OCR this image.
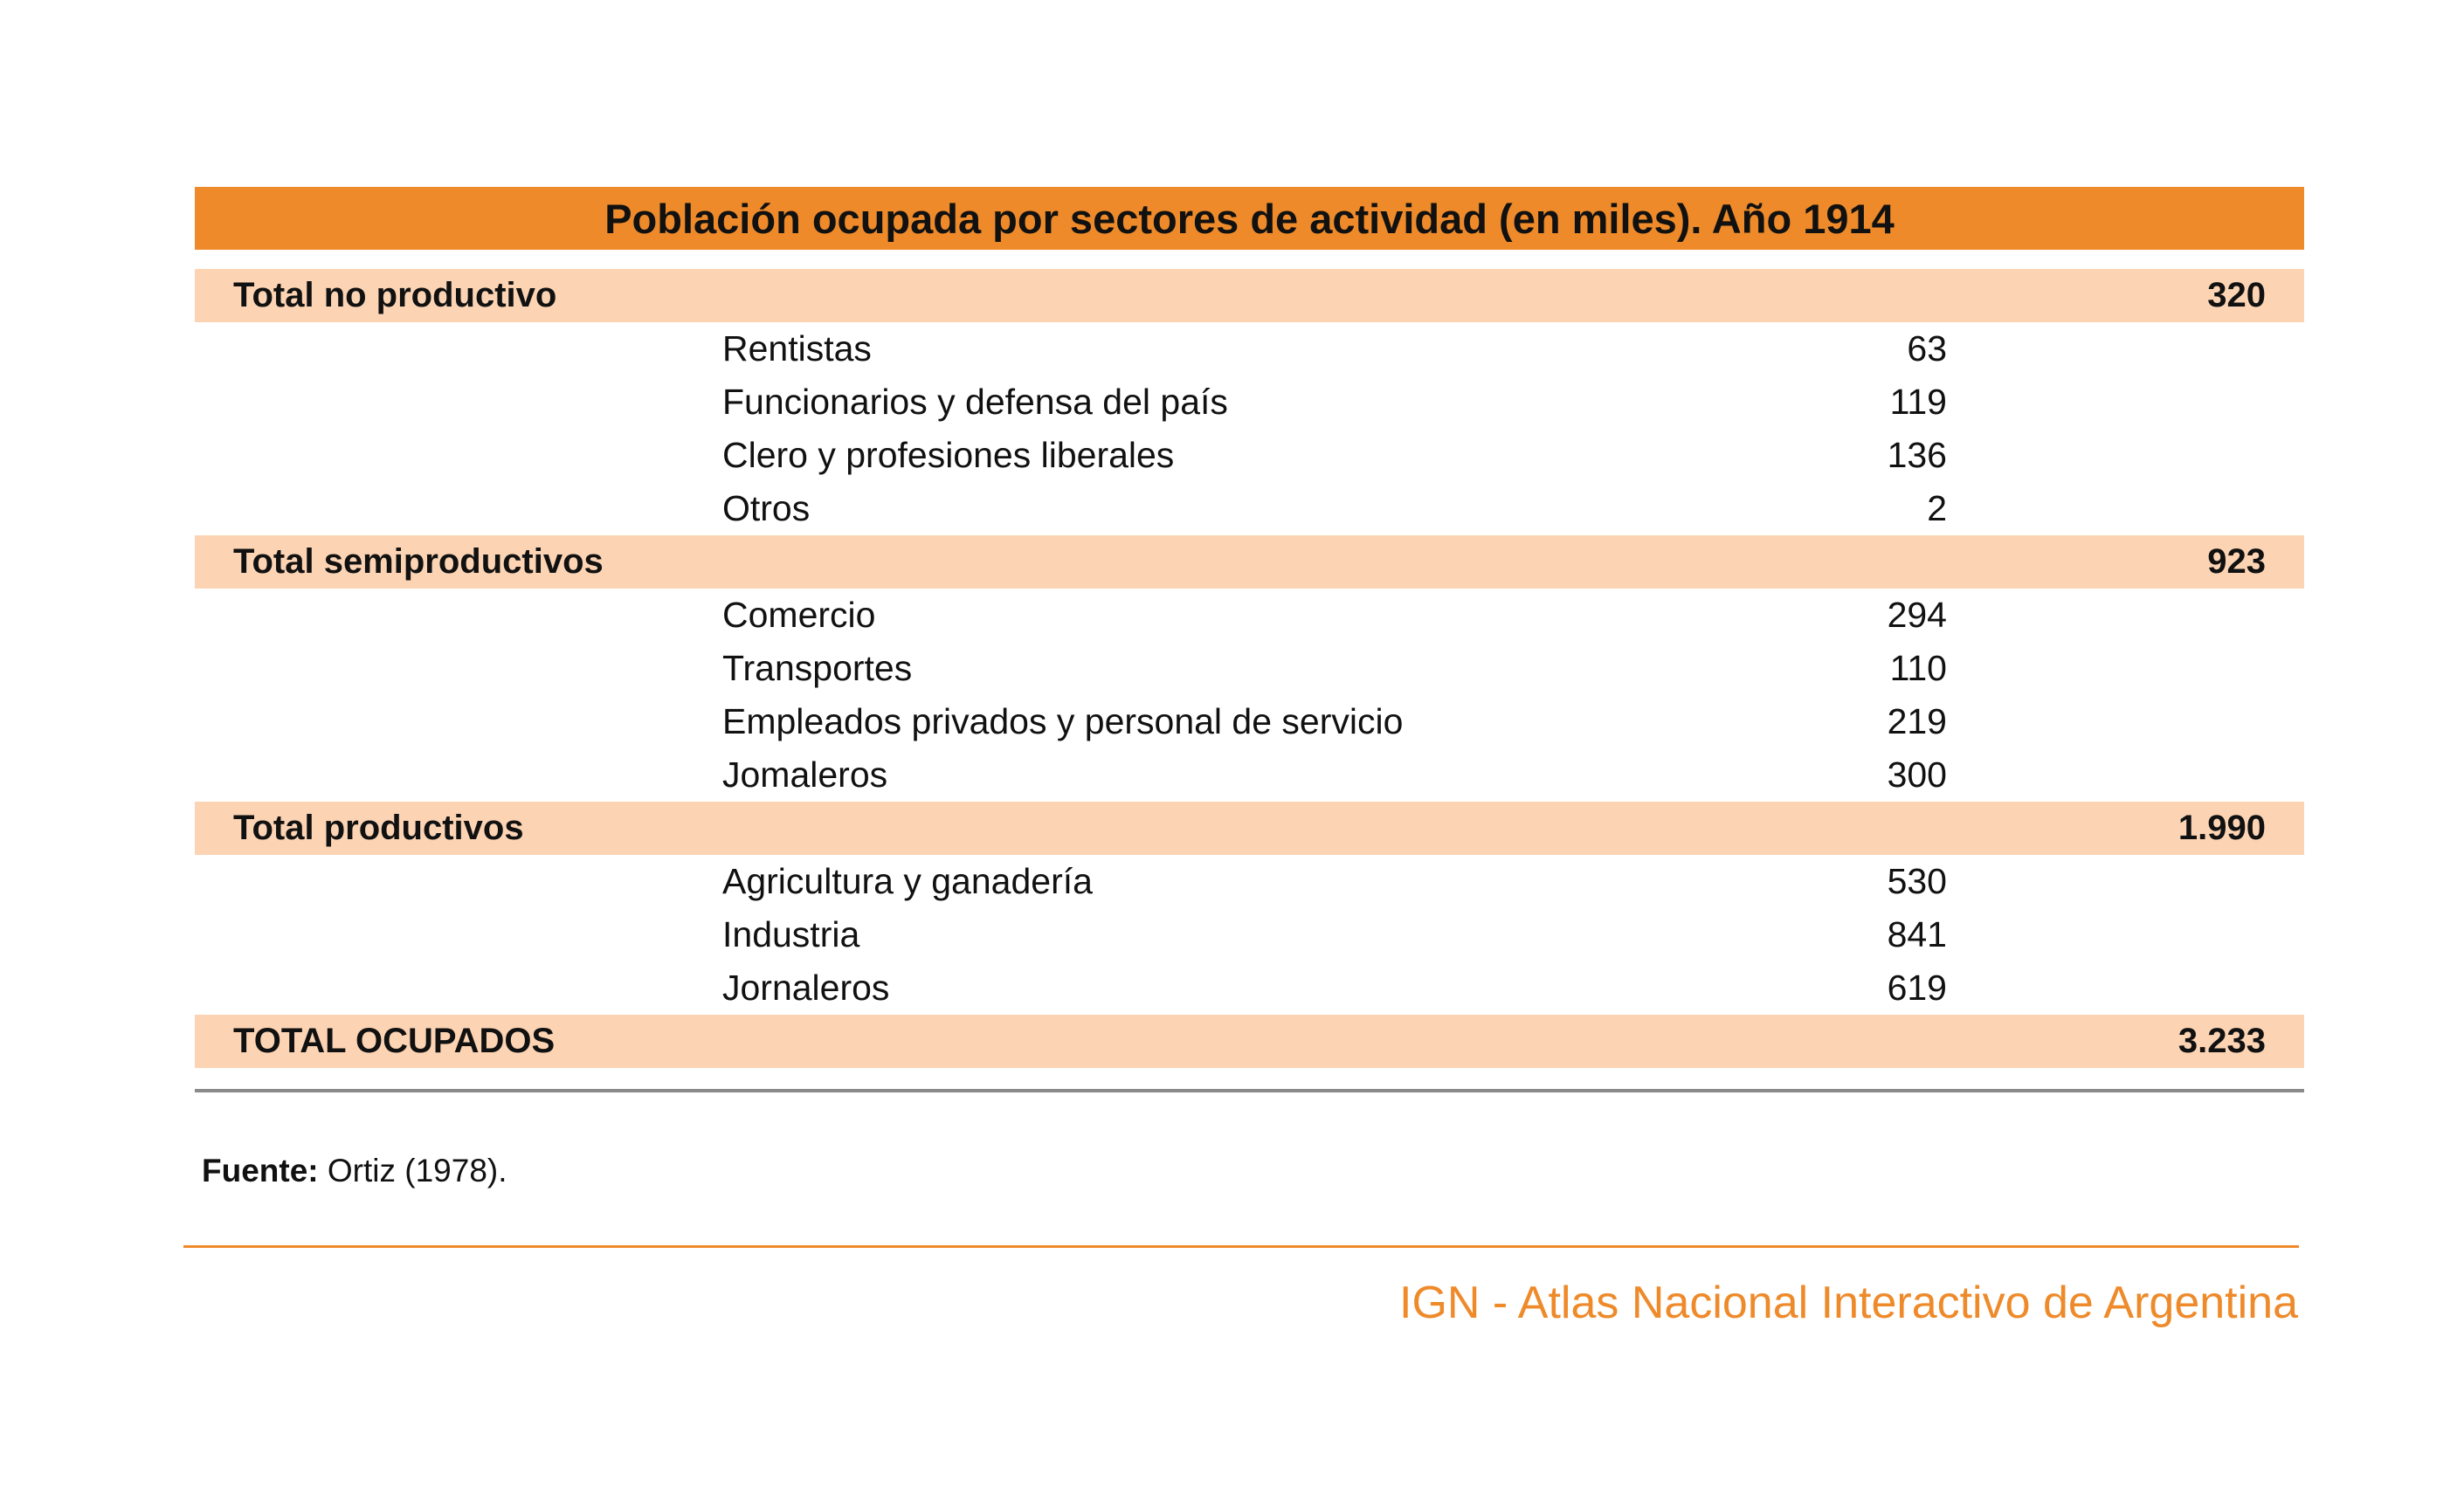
Población ocupada por sectores de actividad (en miles). Año 1914
Total no productivo	320
Rentistas	63
Funcionarios y defensa del país	119
Clero y profesiones liberales	136
Otros	2
Total semiproductivos	923
Comercio	294
Transportes	110
Empleados privados y personal de servicio	219
Jomaleros	300
Total productivos	1.990
Agricultura y ganadería	530
Industria	841
Jornaleros	619
TOTAL OCUPADOS	3.233
Fuente: Ortiz (1978).
IGN - Atlas Nacional Interactivo de Argentina
